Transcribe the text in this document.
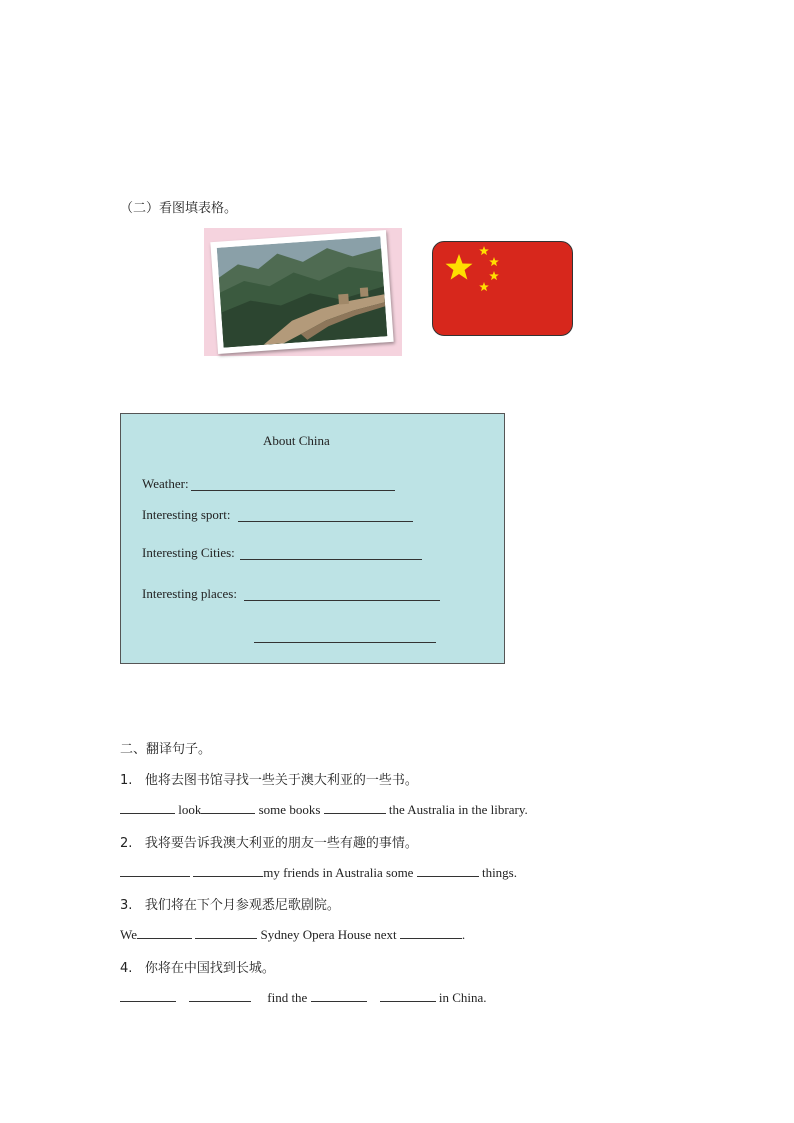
（二）看图填表格。
About China
Weather:
Interesting sport:
Interesting Cities:
Interesting places:
二、翻译句子。
1. 他将去图书馆寻找一些关于澳大利亚的一些书。
look	some books	the Australia in the library.
2. 我将要告诉我澳大利亚的朋友一些有趣的事情。
my friends in Australia some	things.
3. 我们将在下个月参观悉尼歌剧院。
We	Sydney Opera House next	.
4. 你将在中国找到长城。
find the	in China.
